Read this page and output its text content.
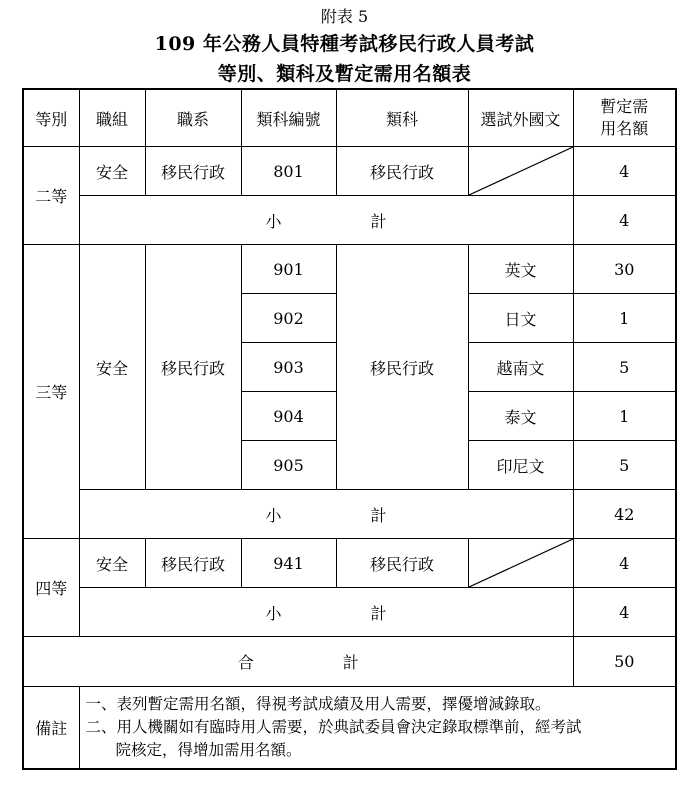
附表 5
109 年公務人員特種考試移民行政人員考試
等別、類科及暫定需用名額表
等別	職組	職系	類科編號	類科	選試外國文	暫定需
用名額
二等	安全	移民行政	801	移民行政		4
	小 計					4
三等	安全	移民行政	901	移民行政	英文	30
			902		日文	1
			903		越南文	5
			904		泰文	1
			905		印尼文	5
	小 計					42
四等	安全	移民行政	941	移民行政		4
	小 計					4
合 計						50
備註	一、表列暫定需用名額，得視考試成績及用人需要，擇優增減錄取。
二、用人機關如有臨時用人需要，於典試委員會決定錄取標準前，經考試
院核定，得增加需用名額。					
